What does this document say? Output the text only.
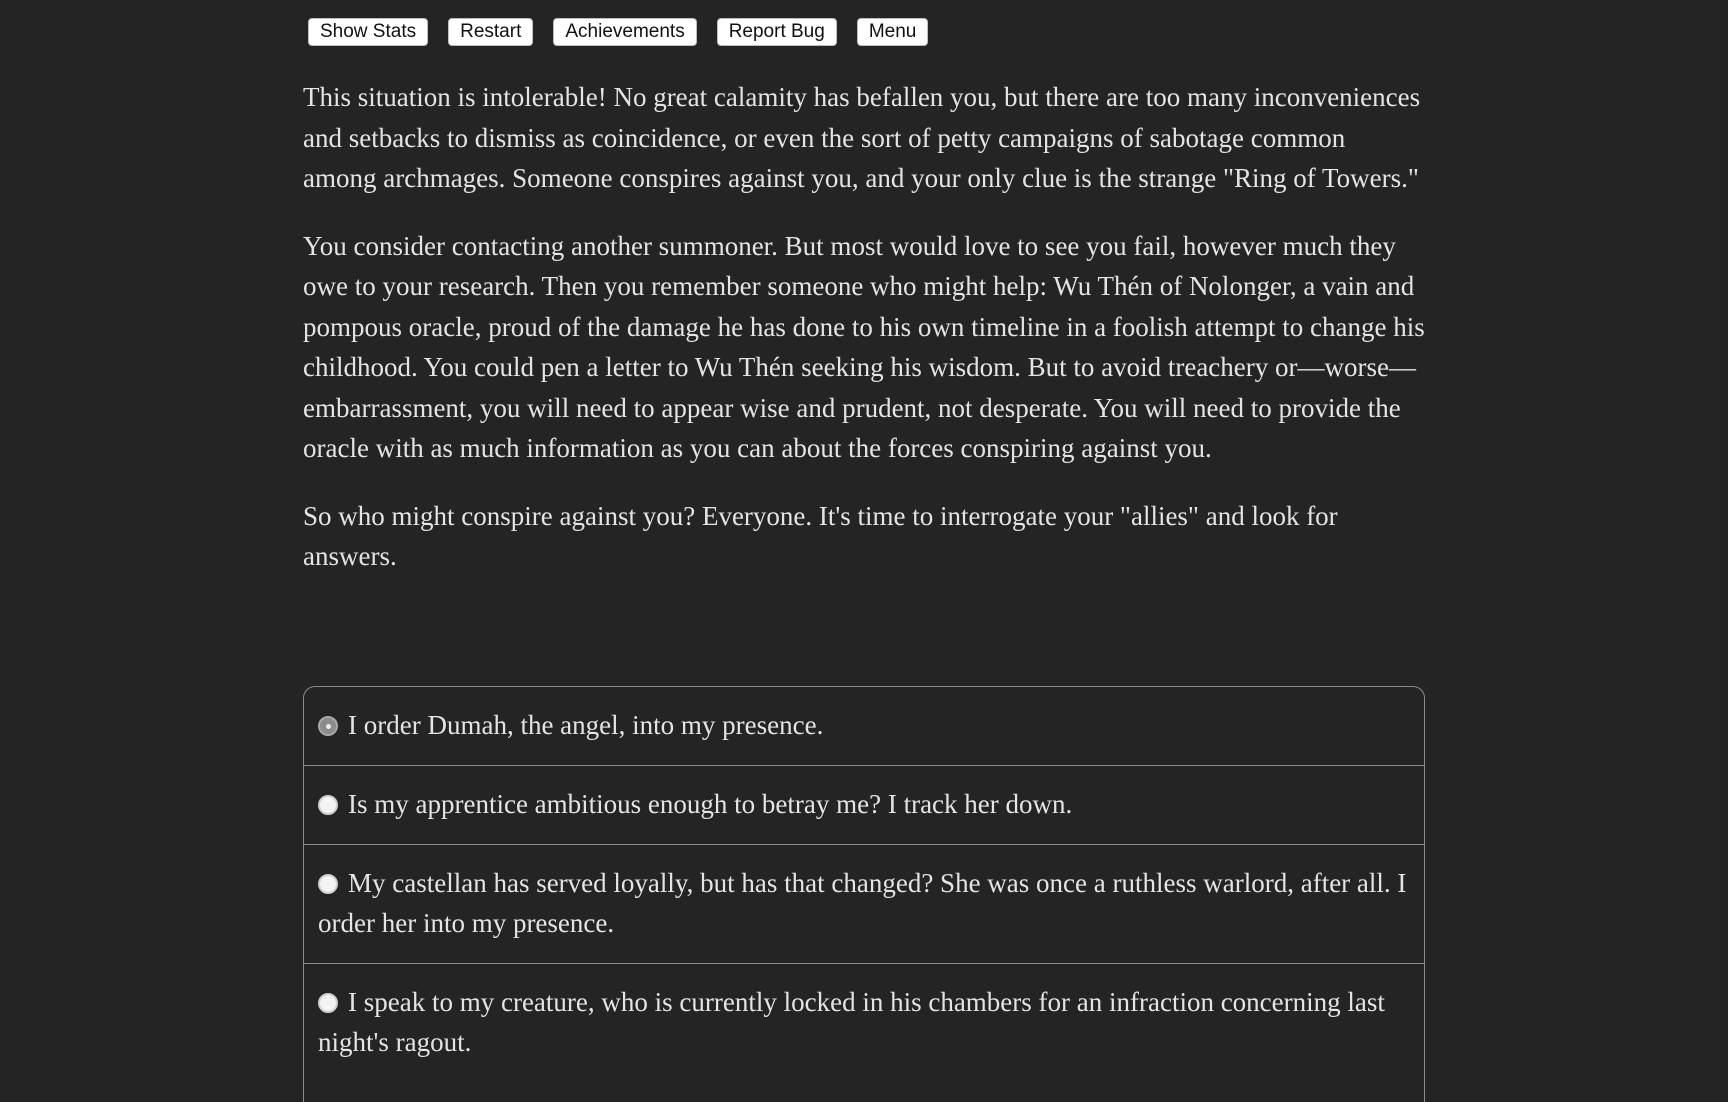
Show Stats	Restart	Achievements	Report Bug	Menu

This situation is intolerable! No great calamity has befallen you, but there are too many inconveniences and setbacks to dismiss as coincidence, or even the sort of petty campaigns of sabotage common among archmages. Someone conspires against you, and your only clue is the strange "Ring of Towers."

You consider contacting another summoner. But most would love to see you fail, however much they owe to your research. Then you remember someone who might help: Wu Thén of Nolonger, a vain and pompous oracle, proud of the damage he has done to his own timeline in a foolish attempt to change his childhood. You could pen a letter to Wu Thén seeking his wisdom. But to avoid treachery or—worse—embarrassment, you will need to appear wise and prudent, not desperate. You will need to provide the oracle with as much information as you can about the forces conspiring against you.

So who might conspire against you? Everyone. It's time to interrogate your "allies" and look for answers.

I order Dumah, the angel, into my presence.
Is my apprentice ambitious enough to betray me? I track her down.
My castellan has served loyally, but has that changed? She was once a ruthless warlord, after all. I order her into my presence.
I speak to my creature, who is currently locked in his chambers for an infraction concerning last night's ragout.
